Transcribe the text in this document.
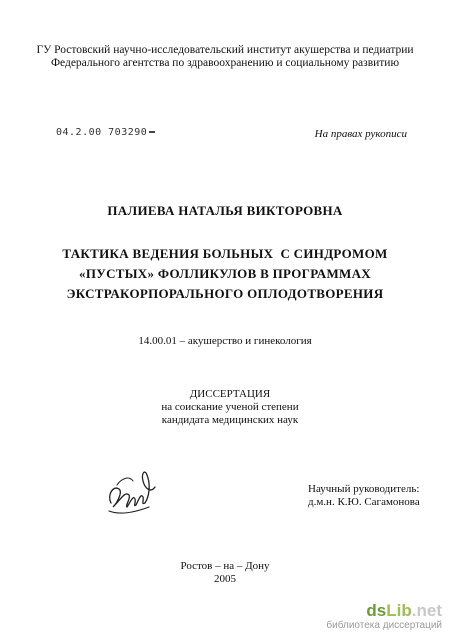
ГУ Ростовский научно-исследовательский институт акушерства и педиатрии
Федерального агентства по здравоохранению и социальному развитию
04.2.00 703290	На правах рукописи
ПАЛИЕВА НАТАЛЬЯ ВИКТОРОВНА
ТАКТИКА ВЕДЕНИЯ БОЛЬНЫХ  С СИНДРОМОМ
«ПУСТЫХ» ФОЛЛИКУЛОВ В ПРОГРАММАХ
ЭКСТРАКОРПОРАЛЬНОГО ОПЛОДОТВОРЕНИЯ
14.00.01 – акушерство и гинекология
ДИССЕРТАЦИЯ
на соискание ученой степени
кандидата медицинских наук
Научный руководитель:
д.м.н. К.Ю. Сагамонова
Ростов – на – Дону
2005
dsLib.net
библиотека диссертаций
